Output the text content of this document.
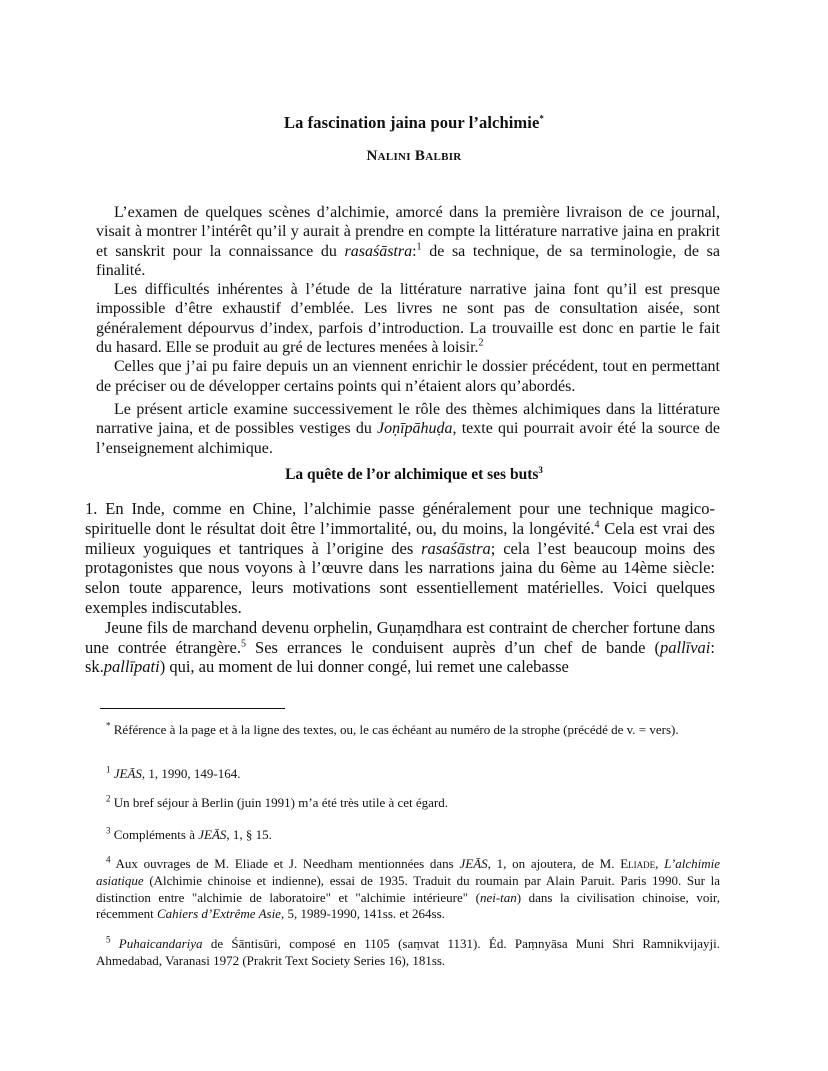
La fascination jaina pour l’alchimie*
Nalini Balbir

L’examen de quelques scènes d’alchimie, amorcé dans la première livraison de ce journal, visait à montrer l’intérêt qu’il y aurait à prendre en compte la littérature narrative jaina en prakrit et sanskrit pour la connaissance du rasaśāstra:$^1$ de sa technique, de sa terminologie, de sa finalité.

Les difficultés inhérentes à l’étude de la littérature narrative jaina font qu’il est presque impossible d’être exhaustif d’emblée. Les livres ne sont pas de consultation aisée, sont généralement dépourvus d’index, parfois d’introduction. La trouvaille est donc en partie le fait du hasard. Elle se produit au gré de lectures menées à loisir.$^2$

Celles que j’ai pu faire depuis un an viennent enrichir le dossier précédent, tout en permettant de préciser ou de développer certains points qui n’étaient alors qu’abordés.

Le présent article examine successivement le rôle des thèmes alchimiques dans la littérature narrative jaina, et de possibles vestiges du Joṇīpāhuḍa, texte qui pourrait avoir été la source de l’enseignement alchimique.

La quête de l’or alchimique et ses buts$^3$

1. En Inde, comme en Chine, l’alchimie passe généralement pour une technique magico-spirituelle dont le résultat doit être l’immortalité, ou, du moins, la longévité.$^4$ Cela est vrai des milieux yoguiques et tantriques à l’origine des rasaśāstra; cela l’est beaucoup moins des protagonistes que nous voyons à l’œuvre dans les narrations jaina du 6ème au 14ème siècle: selon toute apparence, leurs motivations sont essentiellement matérielles. Voici quelques exemples indiscutables.

Jeune fils de marchand devenu orphelin, Guṇaṃdhara est contraint de chercher fortune dans une contrée étrangère.$^5$ Ses errances le conduisent auprès d’un chef de bande (pallīvai: sk.pallīpati) qui, au moment de lui donner congé, lui remet une calebasse

* Référence à la page et à la ligne des textes, ou, le cas échéant au numéro de la strophe (précédé de v. = vers).

$^1$ JEĀS, 1, 1990, 149-164.

$^2$ Un bref séjour à Berlin (juin 1991) m’a été très utile à cet égard.

$^3$ Compléments à JEĀS, 1, § 15.

$^4$ Aux ouvrages de M. Eliade et J. Needham mentionnées dans JEĀS, 1, on ajoutera, de M. Eliade, L’alchimie asiatique (Alchimie chinoise et indienne), essai de 1935. Traduit du roumain par Alain Paruit. Paris 1990. Sur la distinction entre "alchimie de laboratoire" et "alchimie intérieure" (nei-tan) dans la civilisation chinoise, voir, récemment Cahiers d’Extrême Asie, 5, 1989-1990, 141ss. et 264ss.

$^5$ Puhaicandariya de Śāntisūri, composé en 1105 (saṃvat 1131). Éd. Paṃnyāsa Muni Shri Ramnikvijayji. Ahmedabad, Varanasi 1972 (Prakrit Text Society Series 16), 181ss.
